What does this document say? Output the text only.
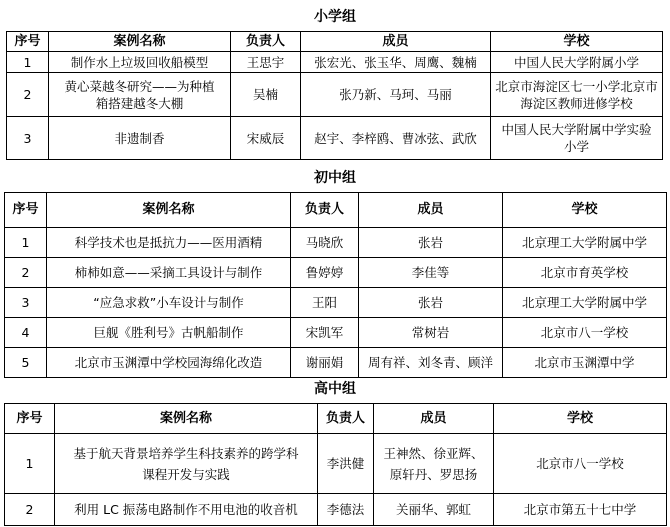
小学组
序号	案例名称	负责人	成员	学校
1	制作水上垃圾回收船模型	王思宇	张宏光、张玉华、周鹰、魏楠	中国人民大学附属小学
2	黄心菜越冬研究——为种植箱搭建越冬大棚	吴楠	张乃新、马珂、马丽	北京市海淀区七一小学北京市海淀区教师进修学校
3	非遗制香	宋威辰	赵宇、李梓鸥、曹冰弦、武欣	中国人民大学附属中学实验小学
初中组
序号	案例名称	负责人	成员	学校
1	科学技术也是抵抗力——医用酒精	马晓欣	张岩	北京理工大学附属中学
2	柿柿如意——采摘工具设计与制作	鲁婷婷	李佳等	北京市育英学校
3	“应急求救”小车设计与制作	王阳	张岩	北京理工大学附属中学
4	巨舰《胜利号》古帆船制作	宋凯军	常树岩	北京市八一学校
5	北京市玉渊潭中学校园海绵化改造	谢丽娟	周有祥、刘冬青、顾洋	北京市玉渊潭中学
高中组
序号	案例名称	负责人	成员	学校
1	基于航天背景培养学生科技素养的跨学科课程开发与实践	李洪健	王神然、徐亚辉、原轩丹、罗思扬	北京市八一学校
2	利用 LC 振荡电路制作不用电池的收音机	李德法	关丽华、郭虹	北京市第五十七中学
